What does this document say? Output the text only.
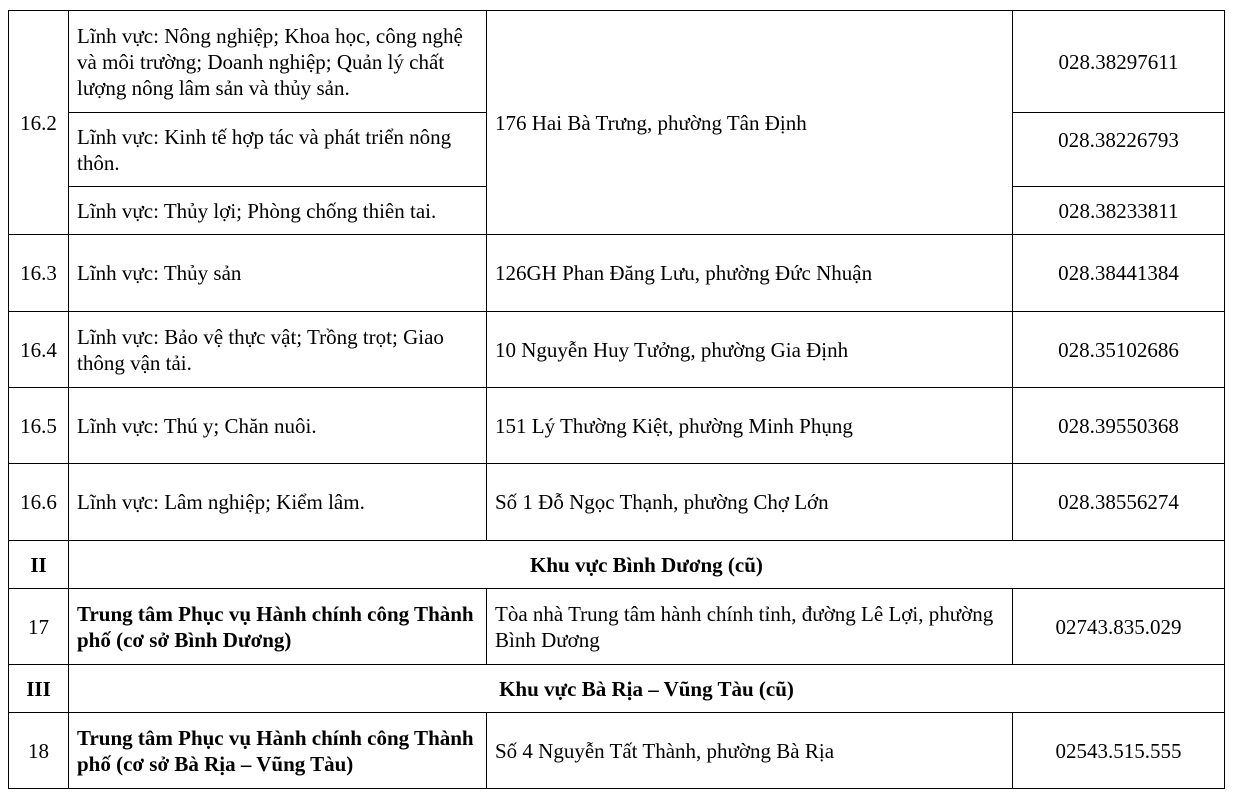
16.2	Lĩnh vực: Nông nghiệp; Khoa học, công nghệ và môi trường; Doanh nghiệp; Quản lý chất lượng nông lâm sản và thủy sản.	176 Hai Bà Trưng, phường Tân Định	028.38297611
	Lĩnh vực: Kinh tế hợp tác và phát triển nông thôn.		028.38226793
	Lĩnh vực: Thủy lợi; Phòng chống thiên tai.		028.38233811
16.3	Lĩnh vực: Thủy sản	126GH Phan Đăng Lưu, phường Đức Nhuận	028.38441384
16.4	Lĩnh vực: Bảo vệ thực vật; Trồng trọt; Giao thông vận tải.	10 Nguyễn Huy Tưởng, phường Gia Định	028.35102686
16.5	Lĩnh vực: Thú y; Chăn nuôi.	151 Lý Thường Kiệt, phường Minh Phụng	028.39550368
16.6	Lĩnh vực: Lâm nghiệp; Kiểm lâm.	Số 1 Đỗ Ngọc Thạnh, phường Chợ Lớn	028.38556274
II	Khu vực Bình Dương (cũ)		
17	Trung tâm Phục vụ Hành chính công Thành phố (cơ sở Bình Dương)	Tòa nhà Trung tâm hành chính tỉnh, đường Lê Lợi, phường Bình Dương	02743.835.029
III	Khu vực Bà Rịa – Vũng Tàu (cũ)		
18	Trung tâm Phục vụ Hành chính công Thành phố (cơ sở Bà Rịa – Vũng Tàu)	Số 4 Nguyễn Tất Thành, phường Bà Rịa	02543.515.555
